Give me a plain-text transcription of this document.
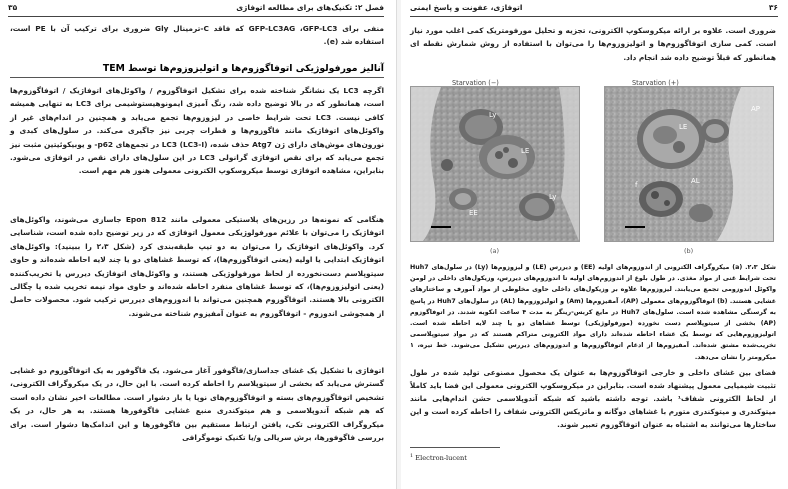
فصل ۲: تکنیک‌های برای مطالعه اتوفاژی
۳۵
منفی برای GFP-LC3AG ،GFP-LC3 که فاقد C-ترمینال Gly ضروری برای ترکیب آن با PE است، استفاده شد (e).
آنالیز مورفولوژیکی اتوفاگوزوم‌ها و اتولیزوزوم‌ها توسط TEM
اگرچه LC3 یک نشانگر شناخته شده برای تشکیل اتوفاگوزوم / واکوئل‌های اتوفاژیک / اتوفاگوزوم‌ها است، همانطور که در بالا توضیح داده شد، رنگ آمیزی ایمونوهیستوشیمی برای LC3 به تنهایی همیشه کافی نیست. LC3 تحت شرایط خاصی در لیزوزوم‌ها تجمع می‌یابد و همچنین در اندام‌های غیر از واکوئل‌های اتوفاژیک مانند فاگوزوم‌ها و قطرات چربی نیز جاگیری می‌کند. در سلول‌های کبدی و نورون‌های موش‌های دارای ژن Atg7 حذف شده، LC3 (LC3-I) در تجمع‌های p62- و یوبیکوئیتین مثبت نیز تجمع می‌یابد که برای نقص اتوفاژی گرانولی LC3 در این سلول‌های دارای نقص در اتوفاژی می‌شود. بنابراین، مشاهده اتوفاژی توسط میکروسکوپ الکترونی معمولی هنوز هم مهم است.
هنگامی که نمونه‌ها در رزین‌های پلاستیکی معمولی مانند Epon 812 جاسازی می‌شوند، واکوئل‌های اتوفاژیک را می‌توان با علائم مورفولوژیکی معمول اتوفاژی که در زیر توضیح داده شده است، شناسایی کرد. واکوئل‌های اتوفاژیک را می‌توان به دو تیپ طبقه‌بندی کرد (شکل ۲،۳ را ببینید): واکوئل‌های اتوفاژیک ابتدایی یا اولیه (یعنی اتوفاگوزوم‌ها)، که توسط غشاهای دو یا چند لایه احاطه شده‌اند و حاوی سیتوپلاسم دست‌نخورده از لحاظ مورفولوژیکی هستند، و واکوئل‌های اتوفاژیک دیررس یا تخریب‌کننده (یعنی اتولیزوزوم‌ها)، که توسط غشاهای منفرد احاطه شده‌اند و حاوی مواد نیمه تخریب شده یا چگالی الکترونی بالا هستند. اتوفاگوزوم همچنین می‌تواند با اندوزوم‌های دیررس ترکیب شود. محصولات حاصل از همجوشی اندوزوم - اتوفاگوزوم به عنوان آمفیزوم شناخته می‌شوند.
اتوفاژی با تشکیل یک غشای جداسازی/فاگوفور آغاز می‌شود. یک فاگوفور به یک اتوفاگوزوم دو غشایی گسترش می‌یابد که بخشی از سیتوپلاسم را احاطه کرده است. با این حال، در یک میکروگراف الکترونی، تشخیص اتوفاگوزوم‌های بسته و اتوفاگوزوم‌های نوپا یا باز دشوار است. مطالعات اخیر نشان داده است که هم شبکه آندوپلاسمی و هم میتوکندری منبع غشایی فاگوفورها هستند. به هر حال، در یک میکروگراف الکترونی تکی، یافتن ارتباط مستقیم بین فاگوفورها و این اندامک‌ها دشوار است. برای بررسی فاگوفورها، برش سریالی و/یا تکنیک توموگرافی
۳۶
اتوفاژی، عفونت و پاسخ ایمنی
ضروری است. علاوه بر ارائه میکروسکوپ الکترونی، تجزیه و تحلیل مورفومتریک کمی اغلب مورد نیاز است. کمی سازی اتوفاگوزوم‌ها و اتولیزوزوم‌ها را می‌توان با استفاده از روش شمارش نقطه ای همانطور که قبلاً توضیح داده شد انجام داد.
Starvation (−)
Ly
LE
EE
Ly
(a)
Starvation (+)
AP
LE
AL
f
(b)
شکل ۲،۳. (a) میکروگراف الکترونی از اندوزوم‌های اولیه (EE) و دیررس (LE) و لیزوزوم‌ها (Ly) در سلول‌های Huh7 تحت شرایط غنی از مواد مغذی. در طول بلوغ از اندوزوم‌های اولیه تا اندوزوم‌های دیررس، وزیکول‌های داخلی در لومن واکوئل اندوزومی تجمع می‌یابند. لیزوزوم‌ها علاوه بر وزیکول‌های داخلی حاوی مخلوطی از مواد آمورف و ساختارهای غشایی هستند. (b) اتوفاگوزوم‌های معمولی (AP)، آمفیزوم‌ها (Am) و اتولیزوزوم‌ها (AL) در سلول‌های Huh7 در پاسخ به گرسنگی مشاهده شده است. سلول‌های Huh7 در مایع کربس-رینگر به مدت ۴ ساعت انکوبه شدند. در اتوفاگوزوم (AP) بخشی از سیتوپلاسم دست نخورده (مورفولوژیکی) توسط غشاهای دو یا چند لایه احاطه شده است. اتولیزوزوم‌هایی که توسط یک غشاء احاطه شده‌اند دارای مواد الکترونی متراکم هستند که در مواد سیتوپلاسمی تخریب‌شده مشتق شده‌اند. آمفیزوم‌ها از ادغام اتوفاگوزوم‌ها و اندوزوم‌های دیررس تشکیل می‌شوند. خط تیره، ۱ میکرومتر را نشان می‌دهد.
فضای بین غشای داخلی و خارجی اتوفاگوزوم‌ها به عنوان یک محصول مصنوعی تولید شده در طول تثبیت شیمیایی معمول پیشنهاد شده است. بنابراین در میکروسکوپ الکترونی معمولی این فضا باید کاملاً از لحاظ الکترونی شفاف¹ باشد. توجه داشته باشید که شبکه آندوپلاسمی حشن اندام‌هایی مانند میتوکندری و میتوکندری متورم با غشاهای دوگانه و ماتریکس الکترونی شفاف را احاطه کرده است و این ساختارها می‌توانند به اشتباه به عنوان اتوفاگوزوم تعبیر شوند.
$^1$ Electron-lucent
